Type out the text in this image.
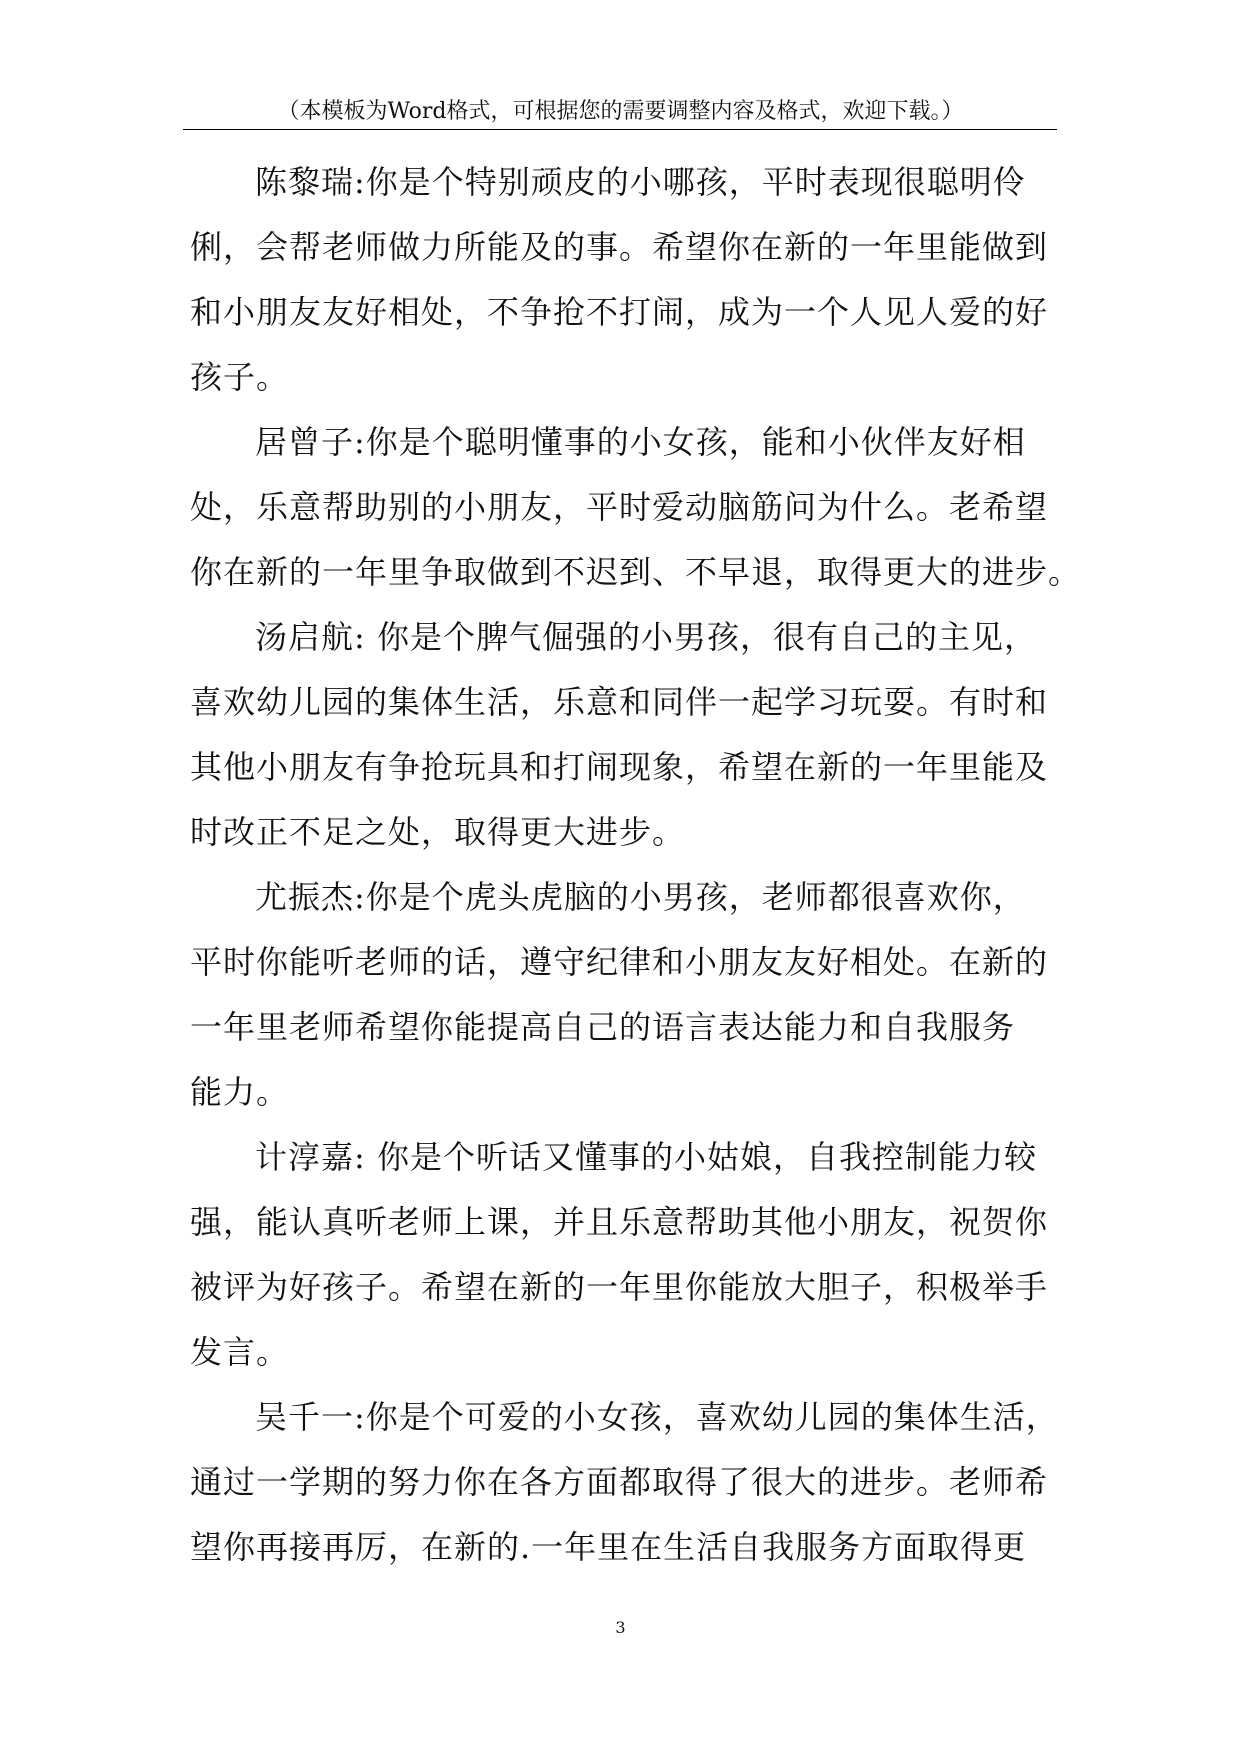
（本模板为Word格式，可根据您的需要调整内容及格式，欢迎下载。）
陈黎瑞:你是个特别顽皮的小哪孩，平时表现很聪明伶
俐，会帮老师做力所能及的事。希望你在新的一年里能做到
和小朋友友好相处，不争抢不打闹，成为一个人见人爱的好
孩子。
居曾子:你是个聪明懂事的小女孩，能和小伙伴友好相
处，乐意帮助别的小朋友，平时爱动脑筋问为什么。老希望
你在新的一年里争取做到不迟到、不早退，取得更大的进步。
汤启航: 你是个脾气倔强的小男孩，很有自己的主见，
喜欢幼儿园的集体生活，乐意和同伴一起学习玩耍。有时和
其他小朋友有争抢玩具和打闹现象，希望在新的一年里能及
时改正不足之处，取得更大进步。
尤振杰:你是个虎头虎脑的小男孩，老师都很喜欢你，
平时你能听老师的话，遵守纪律和小朋友友好相处。在新的
一年里老师希望你能提高自己的语言表达能力和自我服务
能力。
计淳嘉: 你是个听话又懂事的小姑娘，自我控制能力较
强，能认真听老师上课，并且乐意帮助其他小朋友，祝贺你
被评为好孩子。希望在新的一年里你能放大胆子，积极举手
发言。
吴千一:你是个可爱的小女孩，喜欢幼儿园的集体生活，
通过一学期的努力你在各方面都取得了很大的进步。老师希
望你再接再厉，在新的.一年里在生活自我服务方面取得更
3
